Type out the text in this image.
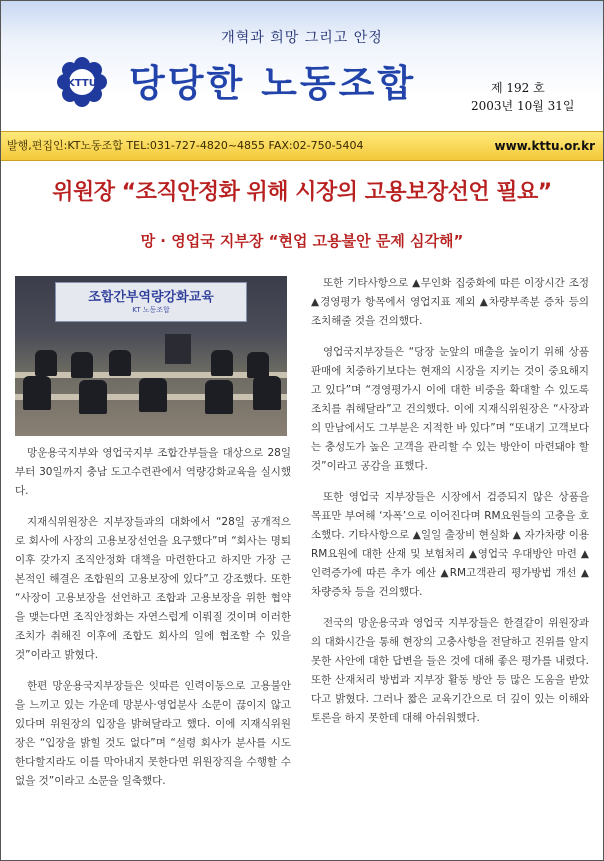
개혁과 희망 그리고 안정
KTTU 당당한 노동조합	제 192 호
2003년 10월 31일
발행,편집인:KT노동조합 TEL:031-727-4820~4855 FAX:02-750-5404	www.kttu.or.kr
위원장 “조직안정화 위해 시장의 고용보장선언 필요”
망 · 영업국 지부장 “현업 고용불안 문제 심각해”
조합간부역량강화교육
KT 노동조합

망운용국지부와 영업국지부 조합간부들을 대상으로 28일부터 30일까지 충남 도고수련관에서 역량강화교육을 실시했다.

지재식위원장은 지부장들과의 대화에서 “28일 공개적으로 회사에 사장의 고용보장선언을 요구했다”며 “회사는 명퇴이후 갖가지 조직안정화 대책을 마련한다고 하지만 가장 근본적인 해결은 조합원의 고용보장에 있다”고 강조했다. 또한 “사장이 고용보장을 선언하고 조합과 고용보장을 위한 협약을 맺는다면 조직안정화는 자연스럽게 이뤄질 것이며 이러한 조치가 취해진 이후에 조합도 회사의 일에 협조할 수 있을 것”이라고 밝혔다.

한편 망운용국지부장들은 잇따른 인력이동으로 고용불안을 느끼고 있는 가운데 망분사·영업분사 소문이 끊이지 않고 있다며 위원장의 입장을 밝혀달라고 했다. 이에 지재식위원장은 “입장을 밝힐 것도 없다”며 “설령 회사가 분사를 시도한다할지라도 이를 막아내지 못한다면 위원장직을 수행할 수 없을 것”이라고 소문을 일축했다.

또한 기타사항으로 ▲무인화 집중화에 따른 이장시간 조정 ▲경영평가 항목에서 영업지표 제외 ▲차량부족분 증차 등의 조치해줄 것을 건의했다.

영업국지부장들은 “당장 눈앞의 매출을 높이기 위해 상품판매에 치중하기보다는 현재의 시장을 지키는 것이 중요해지고 있다”며 “경영평가시 이에 대한 비중을 확대할 수 있도록 조치를 취해달라”고 건의했다. 이에 지재식위원장은 “사장과의 만남에서도 그부분은 지적한 바 있다”며 “또내기 고객보다는 충성도가 높은 고객을 관리할 수 있는 방안이 마련돼야 할 것”이라고 공감을 표했다.

또한 영업국 지부장들은 시장에서 검증되지 않은 상품을 목표만 부여해 ‘자폭’으로 이어진다며 RM요원들의 고충을 호소했다. 기타사항으로 ▲일일 출장비 현실화 ▲ 자가차량 이용 RM요원에 대한 산재 및 보험처리 ▲영업국 우대방안 마련 ▲인력증가에 따른 추가 예산 ▲RM고객관리 평가방법 개선 ▲차량증차 등을 건의했다.

전국의 망운용국과 영업국 지부장들은 한결같이 위원장과의 대화시간을 통해 현장의 고충사항을 전달하고 진위를 알지 못한 사안에 대한 답변을 들은 것에 대해 좋은 평가를 내렸다. 또한 산재처리 방법과 지부장 활동 방안 등 많은 도움을 받았다고 밝혔다. 그러나 짧은 교육기간으로 더 깊이 있는 이해와 토론을 하지 못한데 대해 아쉬워했다.
